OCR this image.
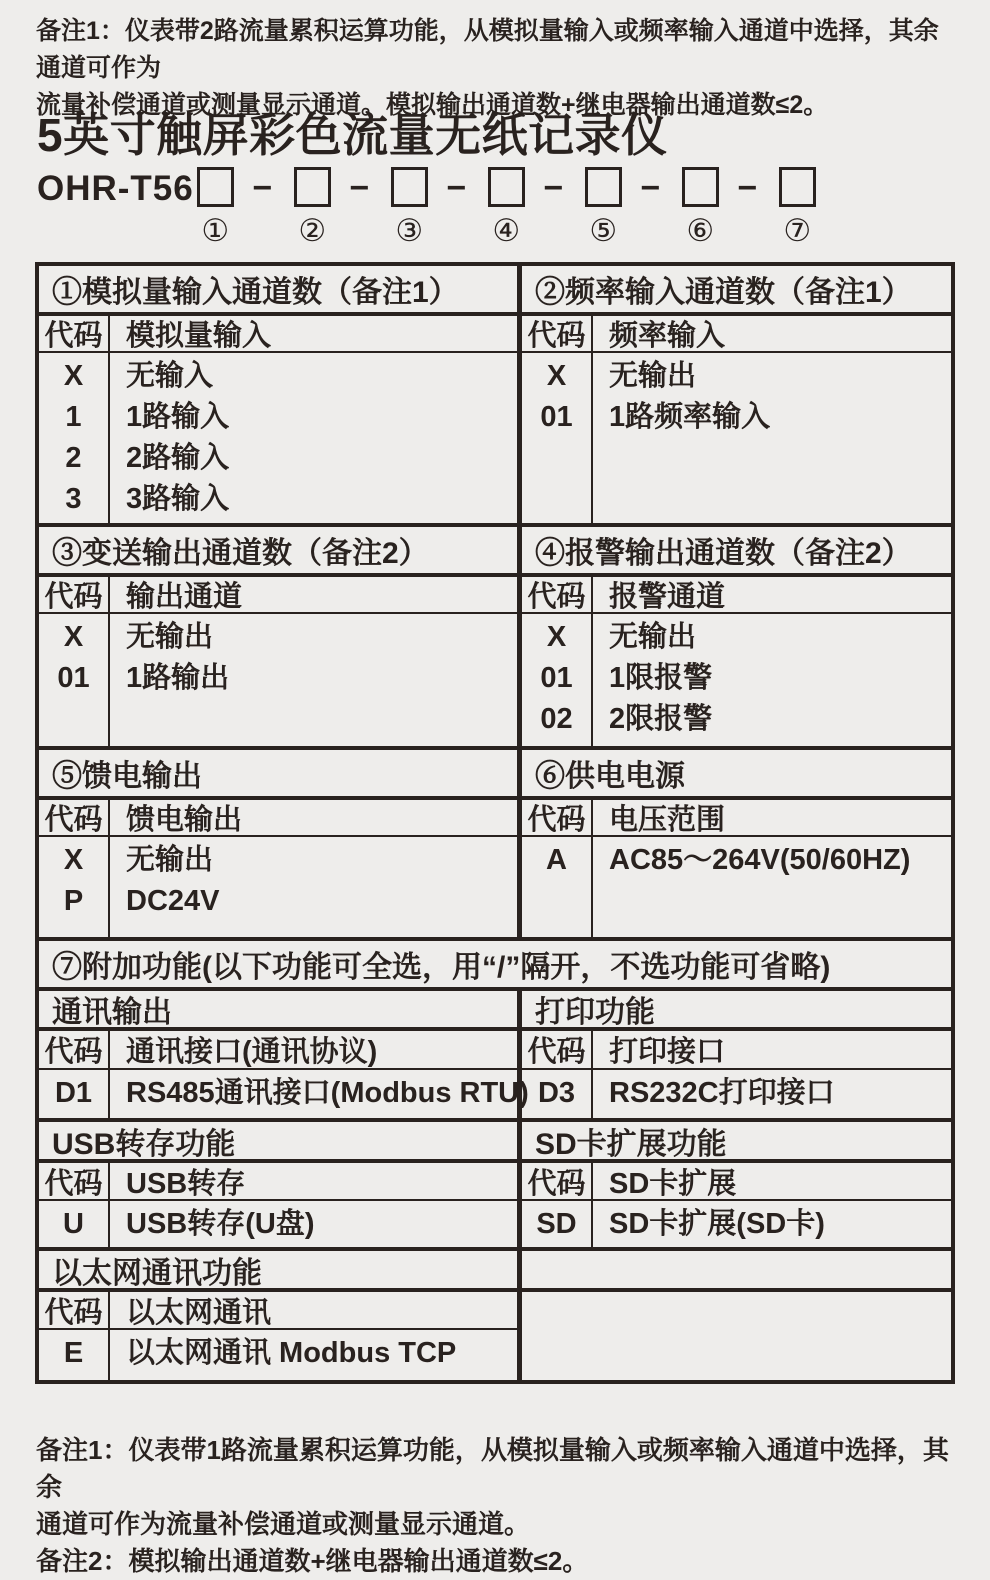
备注1：仪表带2路流量累积运算功能，从模拟量输入或频率输入通道中选择，其余通道可作为
流量补偿通道或测量显示通道。模拟输出通道数+继电器输出通道数≤2。
5英寸触屏彩色流量无纸记录仪
OHR-T56
①
−
②
−
③
−
④
−
⑤
−
⑥
−
⑦
①模拟量输入通道数（备注1）
代码 模拟量输入
X
1
2
3
无输入
1路输入
2路输入
3路输入
②频率输入通道数（备注1）
代码 频率输入
X
01
无输出
1路频率输入
③变送输出通道数（备注2）
代码 输出通道
X
01
无输出
1路输出
④报警输出通道数（备注2）
代码 报警通道
X
01
02
无输出
1限报警
2限报警
⑤馈电输出
代码 馈电输出
X
P
无输出
DC24V
⑥供电电源
代码 电压范围
A AC85～264V(50/60HZ)
⑦附加功能(以下功能可全选，用“/”隔开，不选功能可省略)
通讯输出
代码 通讯接口(通讯协议)
D1 RS485通讯接口(Modbus RTU)
打印功能
代码 打印接口
D3 RS232C打印接口
USB转存功能
代码 USB转存
U USB转存(U盘)
SD卡扩展功能
代码 SD卡扩展
SD SD卡扩展(SD卡)
以太网通讯功能
代码 以太网通讯
E 以太网通讯 Modbus TCP
备注1：仪表带1路流量累积运算功能，从模拟量输入或频率输入通道中选择，其余
通道可作为流量补偿通道或测量显示通道。
备注2：模拟输出通道数+继电器输出通道数≤2。
